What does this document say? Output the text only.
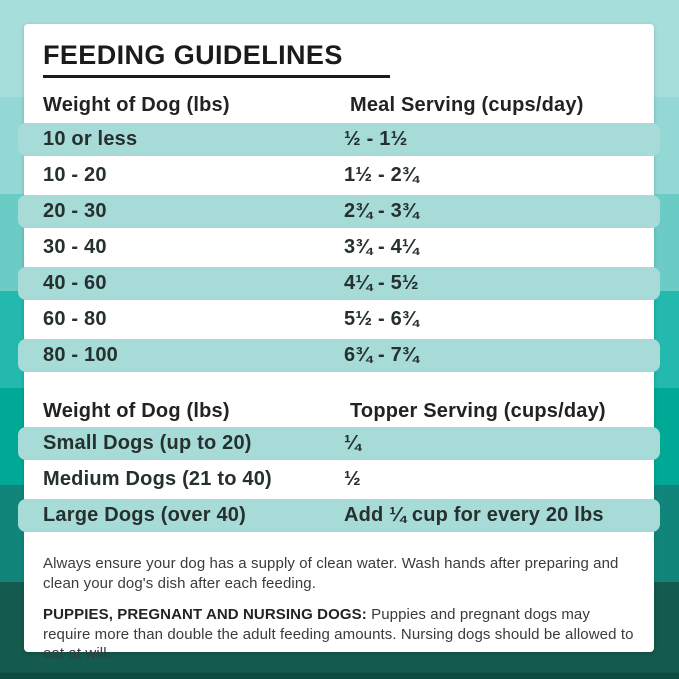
FEEDING GUIDELINES
Weight of Dog (lbs)	Meal Serving (cups/day)
10 or less	½ - 1½
10 - 20	1½ - 2¾
20 - 30	2¾ - 3¾
30 - 40	3¾ - 4¼
40 - 60	4¼ - 5½
60 - 80	5½ - 6¾
80 - 100	6¾ - 7¾
Weight of Dog (lbs)	Topper Serving (cups/day)
Small Dogs (up to 20)	¼
Medium Dogs (21 to 40)	½
Large Dogs (over 40)	Add ¼ cup for every 20 lbs

Always ensure your dog has a supply of clean water. Wash hands after preparing and clean your dog's dish after each feeding.

PUPPIES, PREGNANT AND NURSING DOGS: Puppies and pregnant dogs may require more than double the adult feeding amounts. Nursing dogs should be allowed to eat at will.
